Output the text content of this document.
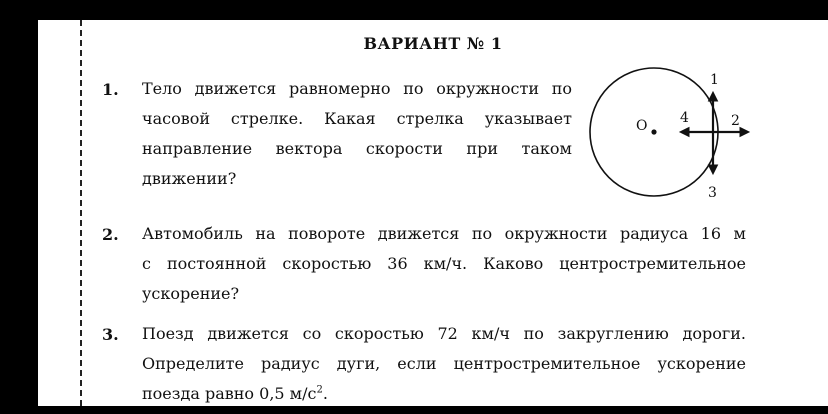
ВАРИАНТ № 1
1. Тело движется равномерно по окружности по
часовой стрелке. Какая стрелка указывает
направление вектора скорости при таком
движении?
O
1
2
3
4
2. Автомобиль на повороте движется по окружности радиуса 16 м
с постоянной скоростью 36 км/ч. Каково центростремительное
ускорение?
3. Поезд движется со скоростью 72 км/ч по закруглению дороги.
Определите радиус дуги, если центростремительное ускорение
поезда равно 0,5 $м/с^2$.
